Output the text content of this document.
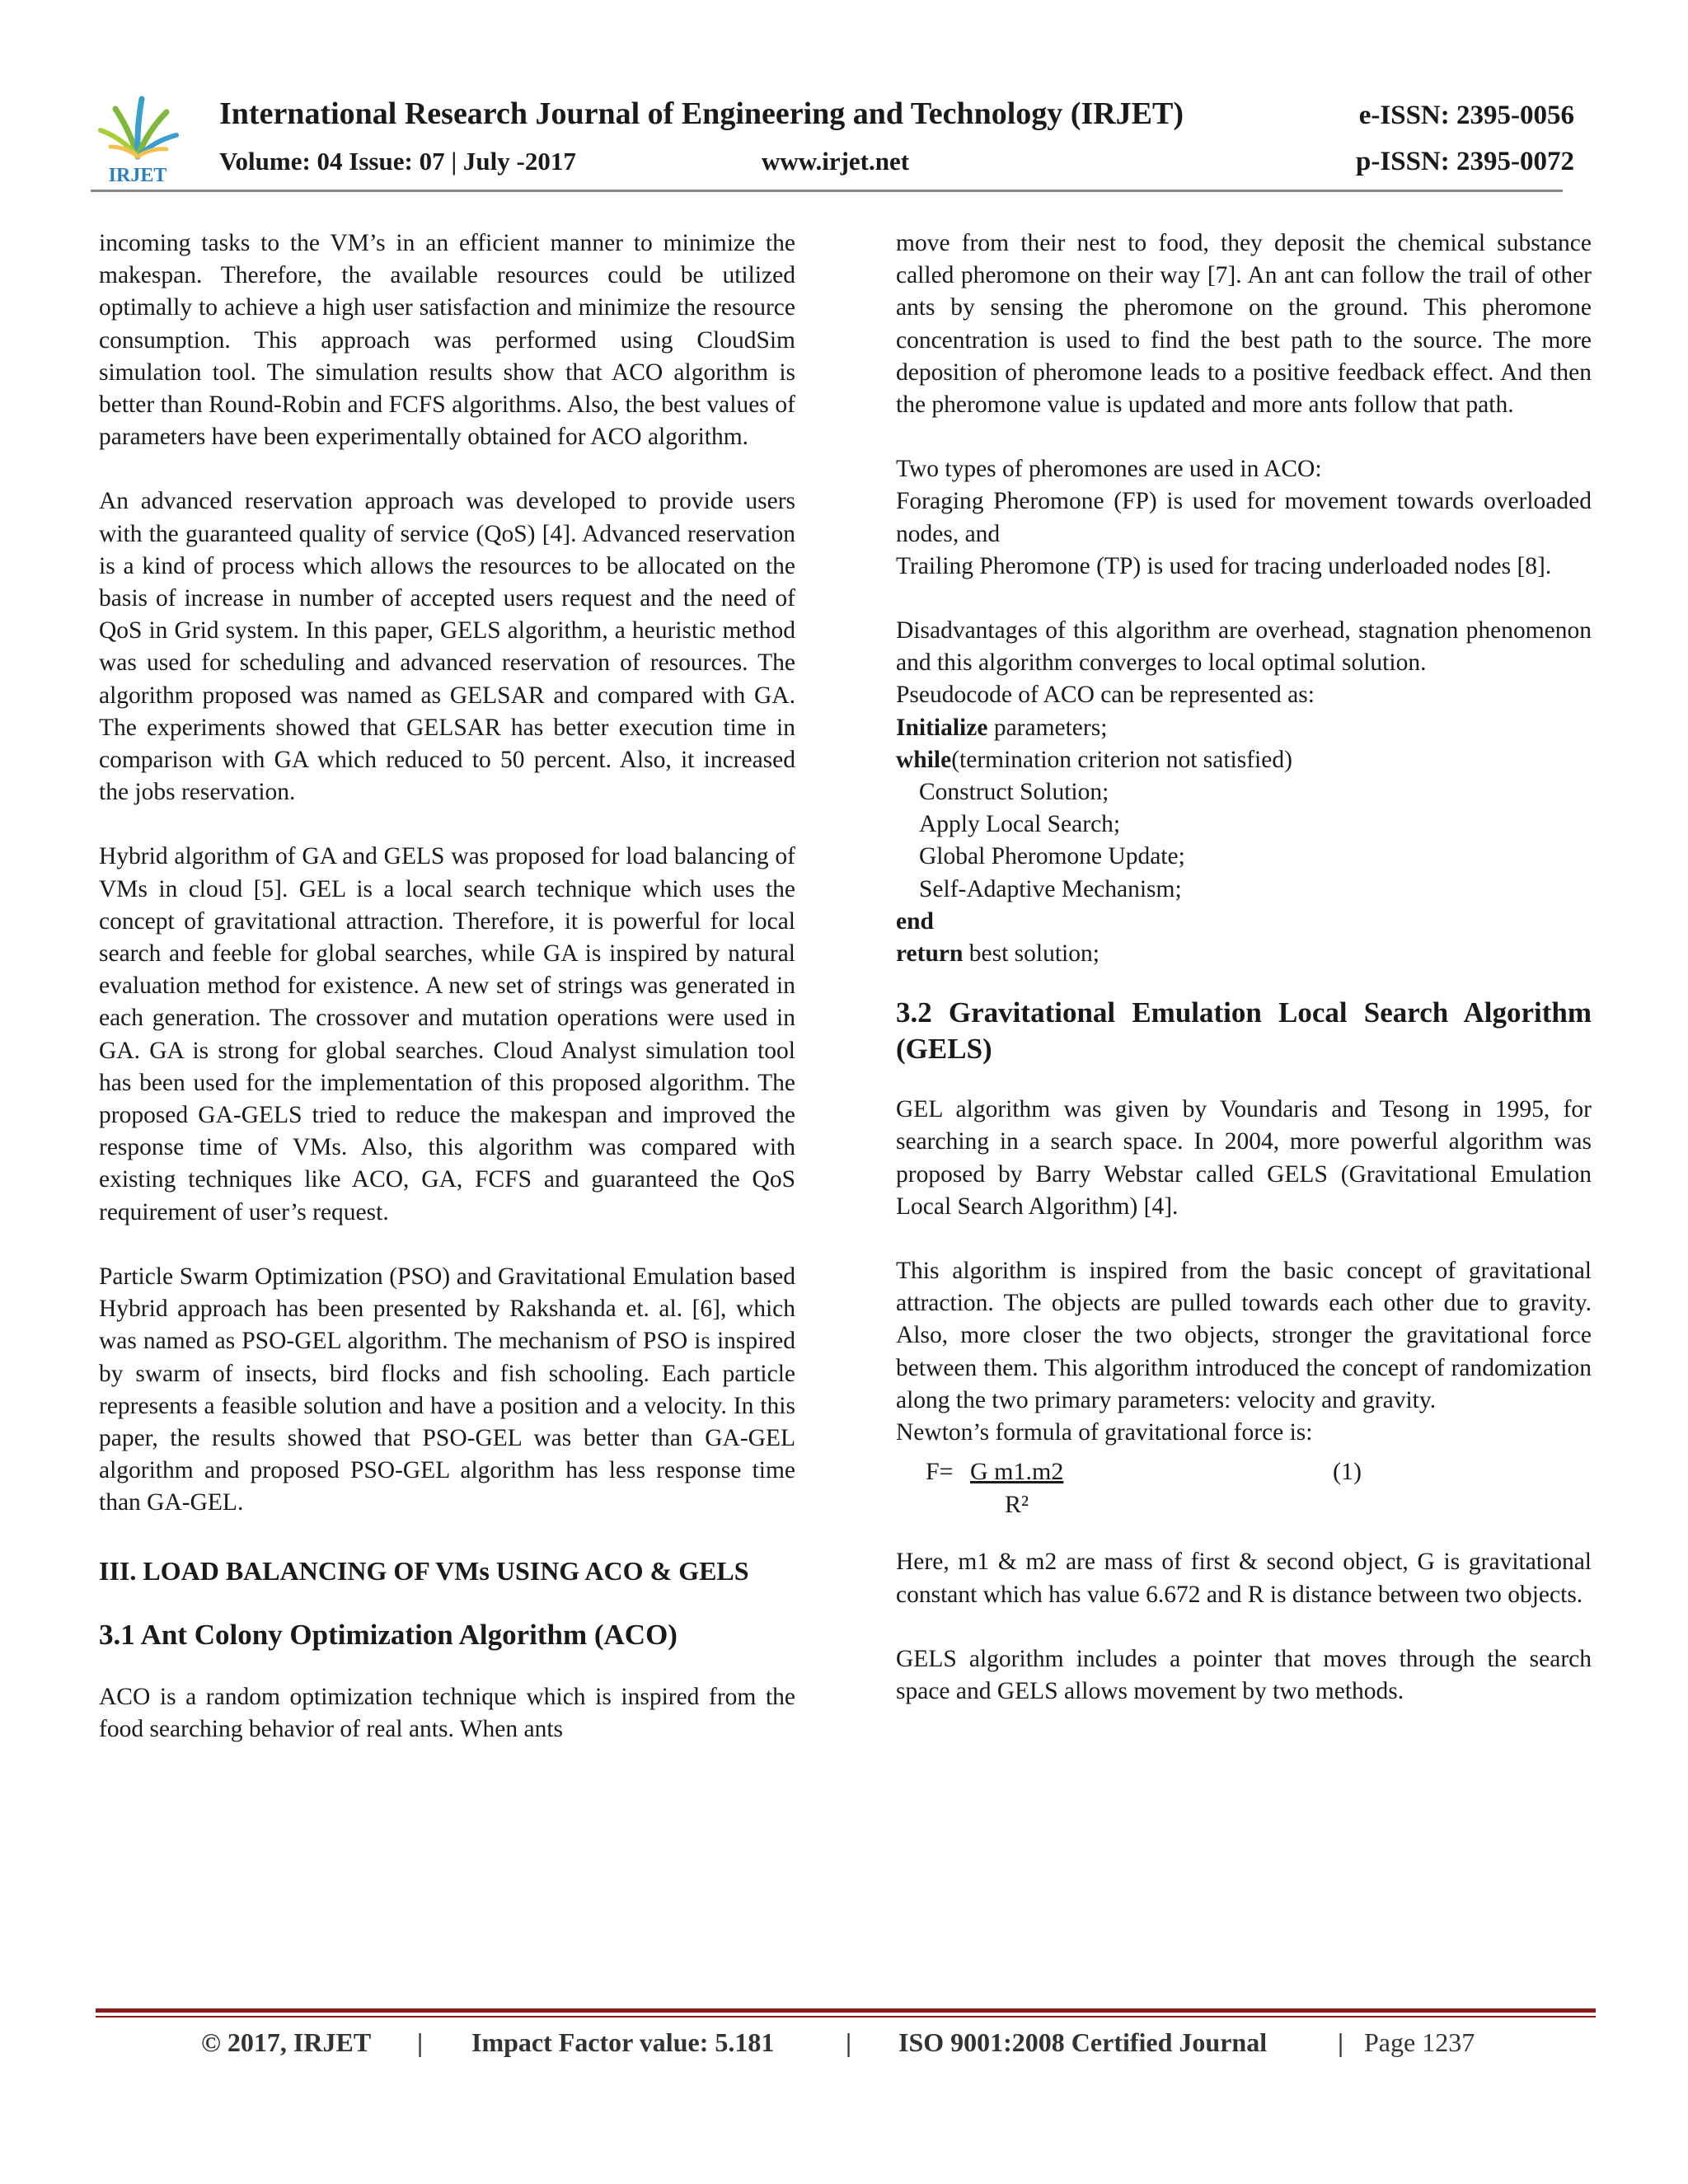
IRJET
International Research Journal of Engineering and Technology (IRJET)	e-ISSN: 2395-0056
Volume: 04 Issue: 07 | July -2017	www.irjet.net	p-ISSN: 2395-0072

incoming tasks to the VM’s in an efficient manner to minimize the makespan. Therefore, the available resources could be utilized optimally to achieve a high user satisfaction and minimize the resource consumption. This approach was performed using CloudSim simulation tool. The simulation results show that ACO algorithm is better than Round-Robin and FCFS algorithms. Also, the best values of parameters have been experimentally obtained for ACO algorithm.

An advanced reservation approach was developed to provide users with the guaranteed quality of service (QoS) [4]. Advanced reservation is a kind of process which allows the resources to be allocated on the basis of increase in number of accepted users request and the need of QoS in Grid system. In this paper, GELS algorithm, a heuristic method was used for scheduling and advanced reservation of resources. The algorithm proposed was named as GELSAR and compared with GA. The experiments showed that GELSAR has better execution time in comparison with GA which reduced to 50 percent. Also, it increased the jobs reservation.

Hybrid algorithm of GA and GELS was proposed for load balancing of VMs in cloud [5]. GEL is a local search technique which uses the concept of gravitational attraction. Therefore, it is powerful for local search and feeble for global searches, while GA is inspired by natural evaluation method for existence. A new set of strings was generated in each generation. The crossover and mutation operations were used in GA. GA is strong for global searches. Cloud Analyst simulation tool has been used for the implementation of this proposed algorithm. The proposed GA-GELS tried to reduce the makespan and improved the response time of VMs. Also, this algorithm was compared with existing techniques like ACO, GA, FCFS and guaranteed the QoS requirement of user’s request.

Particle Swarm Optimization (PSO) and Gravitational Emulation based Hybrid approach has been presented by Rakshanda et. al. [6], which was named as PSO-GEL algorithm. The mechanism of PSO is inspired by swarm of insects, bird flocks and fish schooling. Each particle represents a feasible solution and have a position and a velocity. In this paper, the results showed that PSO-GEL was better than GA-GEL algorithm and proposed PSO-GEL algorithm has less response time than GA-GEL.

III. LOAD BALANCING OF VMs USING ACO & GELS

3.1 Ant Colony Optimization Algorithm (ACO)

ACO is a random optimization technique which is inspired from the food searching behavior of real ants. When ants

move from their nest to food, they deposit the chemical substance called pheromone on their way [7]. An ant can follow the trail of other ants by sensing the pheromone on the ground. This pheromone concentration is used to find the best path to the source. The more deposition of pheromone leads to a positive feedback effect. And then the pheromone value is updated and more ants follow that path.

Two types of pheromones are used in ACO:

Foraging Pheromone (FP) is used for movement towards overloaded nodes, and

Trailing Pheromone (TP) is used for tracing underloaded nodes [8].

Disadvantages of this algorithm are overhead, stagnation phenomenon and this algorithm converges to local optimal solution.

Pseudocode of ACO can be represented as:

Initialize parameters;

while(termination criterion not satisfied)

Construct Solution;

Apply Local Search;

Global Pheromone Update;

Self-Adaptive Mechanism;

end

return best solution;

3.2 Gravitational Emulation Local Search Algorithm (GELS)

GEL algorithm was given by Voundaris and Tesong in 1995, for searching in a search space. In 2004, more powerful algorithm was proposed by Barry Webstar called GELS (Gravitational Emulation Local Search Algorithm) [4].

This algorithm is inspired from the basic concept of gravitational attraction. The objects are pulled towards each other due to gravity. Also, more closer the two objects, stronger the gravitational force between them. This algorithm introduced the concept of randomization along the two primary parameters: velocity and gravity.

Newton’s formula of gravitational force is:

F= G m1.m2
R²
(1)

Here, m1 & m2 are mass of first & second object, G is gravitational constant which has value 6.672 and R is distance between two objects.

GELS algorithm includes a pointer that moves through the search space and GELS allows movement by two methods.

© 2017, IRJET | Impact Factor value: 5.181	| ISO 9001:2008 Certified Journal	| Page 1237
